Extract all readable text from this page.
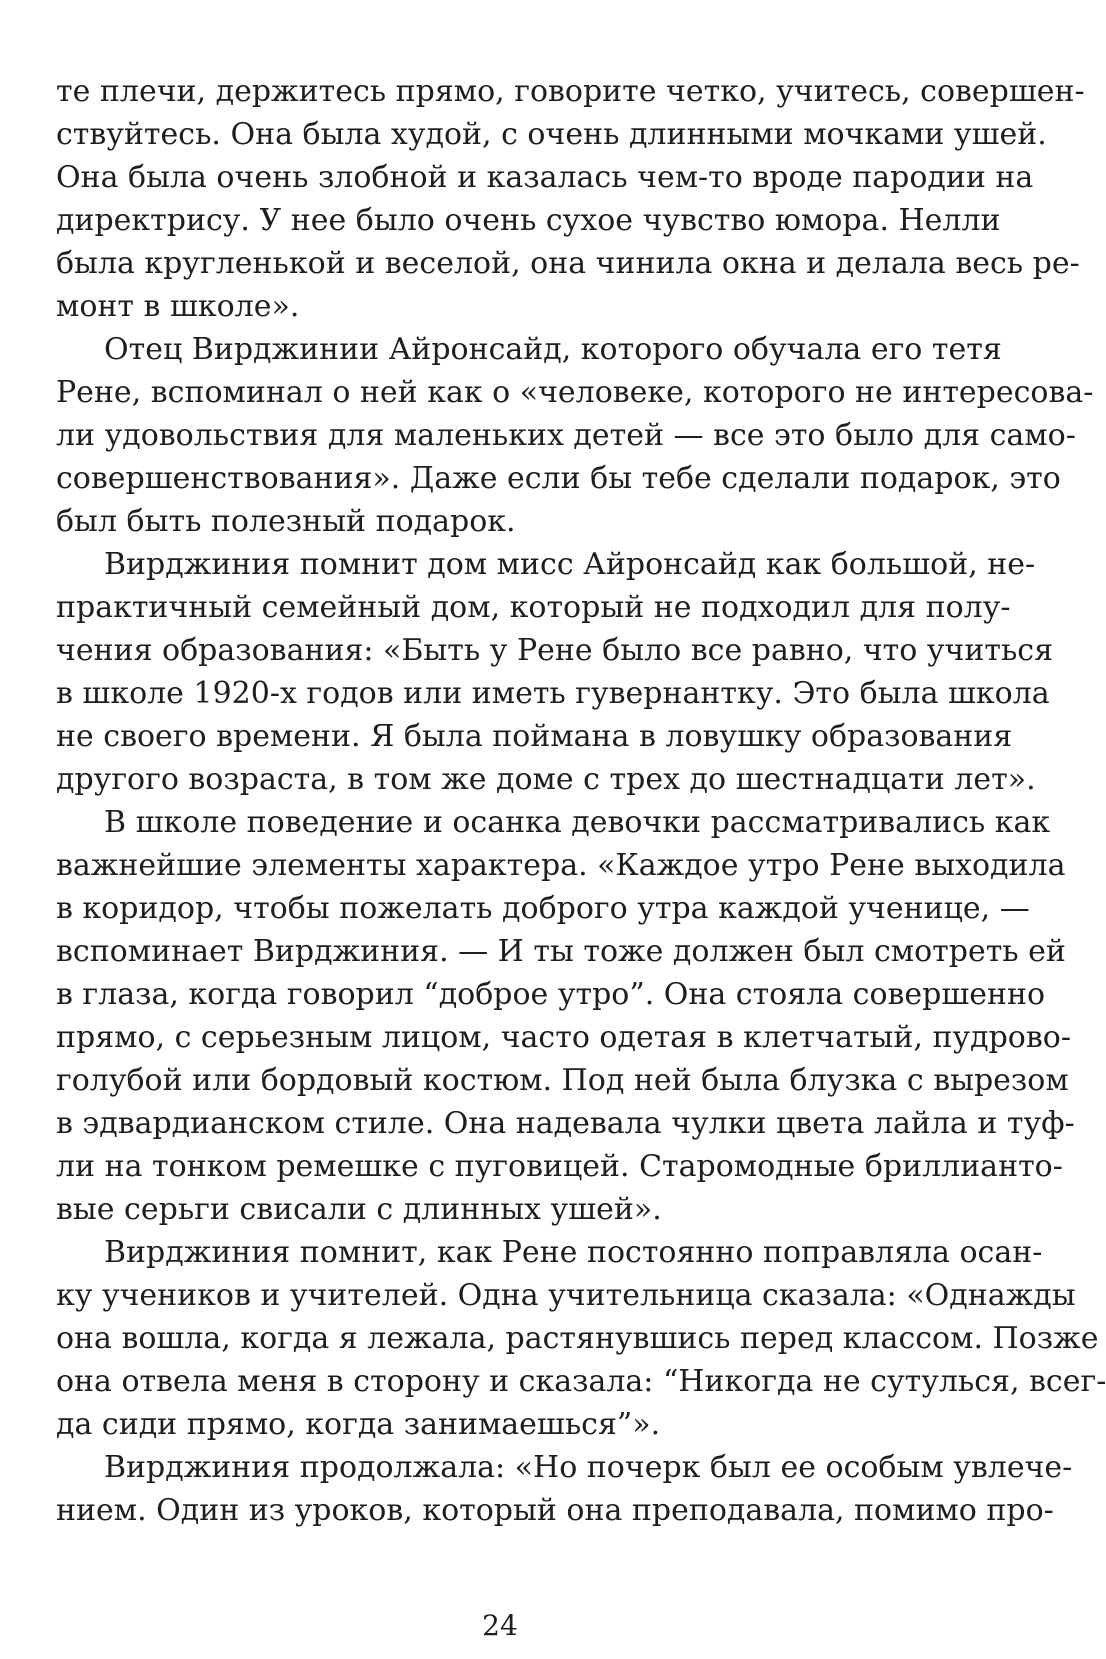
те плечи, держитесь прямо, говорите четко, учитесь, совершен-
ствуйтесь. Она была худой, с очень длинными мочками ушей.
Она была очень злобной и казалась чем-то вроде пародии на
директрису. У нее было очень сухое чувство юмора. Нелли
была кругленькой и веселой, она чинила окна и делала весь ре-
монт в школе».
Отец Вирджинии Айронсайд, которого обучала его тетя
Рене, вспоминал о ней как о «человеке, которого не интересова-
ли удовольствия для маленьких детей — все это было для само-
совершенствования». Даже если бы тебе сделали подарок, это
был быть полезный подарок.
Вирджиния помнит дом мисс Айронсайд как большой, не-
практичный семейный дом, который не подходил для полу-
чения образования: «Быть у Рене было все равно, что учиться
в школе 1920-х годов или иметь гувернантку. Это была школа
не своего времени. Я была поймана в ловушку образования
другого возраста, в том же доме с трех до шестнадцати лет».
В школе поведение и осанка девочки рассматривались как
важнейшие элементы характера. «Каждое утро Рене выходила
в коридор, чтобы пожелать доброго утра каждой ученице, —
вспоминает Вирджиния. — И ты тоже должен был смотреть ей
в глаза, когда говорил “доброе утро”. Она стояла совершенно
прямо, с серьезным лицом, часто одетая в клетчатый, пудрово-
голубой или бордовый костюм. Под ней была блузка с вырезом
в эдвардианском стиле. Она надевала чулки цвета лайла и туф-
ли на тонком ремешке с пуговицей. Старомодные бриллианто-
вые серьги свисали с длинных ушей».
Вирджиния помнит, как Рене постоянно поправляла осан-
ку учеников и учителей. Одна учительница сказала: «Однажды
она вошла, когда я лежала, растянувшись перед классом. Позже
она отвела меня в сторону и сказала: “Никогда не сутулься, всег-
да сиди прямо, когда занимаешься”».
Вирджиния продолжала: «Но почерк был ее особым увлече-
нием. Один из уроков, который она преподавала, помимо про-
24
